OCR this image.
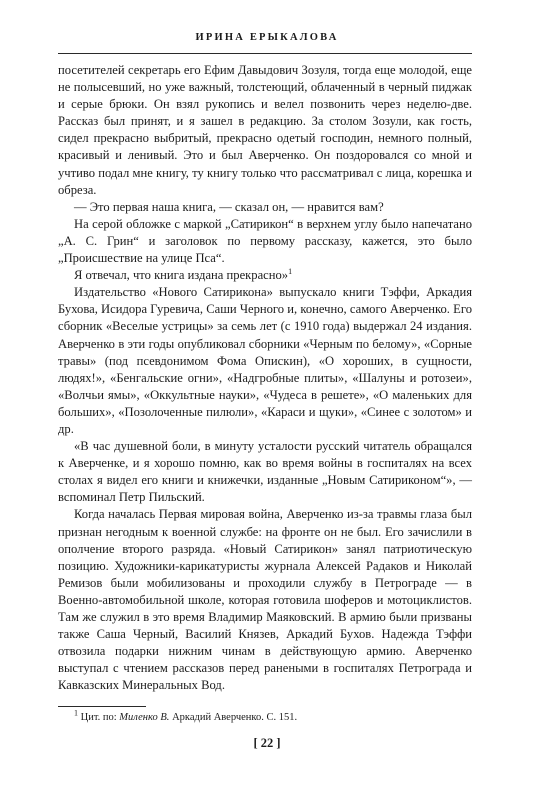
ИРИНА ЕРЫКАЛОВА

посетителей секретарь его Ефим Давыдович Зозуля, тогда еще молодой, еще не полысевший, но уже важный, толстеющий, облаченный в черный пиджак и серые брюки. Он взял рукопись и велел позвонить через неделю-две. Рассказ был принят, и я зашел в редакцию. За столом Зозули, как гость, сидел прекрасно выбритый, прекрасно одетый господин, немного полный, красивый и ленивый. Это и был Аверченко. Он поздоровался со мной и учтиво подал мне книгу, ту книгу только что рассматривал с лица, корешка и обреза.

— Это первая наша книга, — сказал он, — нравится вам?

На серой обложке с маркой „Сатирикон“ в верхнем углу было напечатано „А. С. Грин“ и заголовок по первому рассказу, кажется, это было „Происшествие на улице Пса“.

Я отвечал, что книга издана прекрасно»$^1$

Издательство «Нового Сатирикона» выпускало книги Тэффи, Аркадия Бухова, Исидора Гуревича, Саши Черного и, конечно, самого Аверченко. Его сборник «Веселые устрицы» за семь лет (с 1910 года) выдержал 24 издания. Аверченко в эти годы опубликовал сборники «Черным по белому», «Сорные травы» (под псевдонимом Фома Опискин), «О хороших, в сущности, людях!», «Бенгальские огни», «Надгробные плиты», «Шалуны и ротозеи», «Волчьи ямы», «Оккультные науки», «Чудеса в решете», «О маленьких для больших», «Позолоченные пилюли», «Караси и щуки», «Синее с золотом» и др.

«В час душевной боли, в минуту усталости русский читатель обращался к Аверченке, и я хорошо помню, как во время войны в госпиталях на всех столах я видел его книги и книжечки, изданные „Новым Сатириконом“», — вспоминал Петр Пильский.

Когда началась Первая мировая война, Аверченко из-за травмы глаза был признан негодным к военной службе: на фронте он не был. Его зачислили в ополчение второго разряда. «Новый Сатирикон» занял патриотическую позицию. Художники-карикатуристы журнала Алексей Радаков и Николай Ремизов были мобилизованы и проходили службу в Петрограде — в Военно-автомобильной школе, которая готовила шоферов и мотоциклистов. Там же служил в это время Владимир Маяковский. В армию были призваны также Саша Черный, Василий Князев, Аркадий Бухов. Надежда Тэффи отвозила подарки нижним чинам в действующую армию. Аверченко выступал с чтением рассказов перед ранеными в госпиталях Петрограда и Кавказских Минеральных Вод.

$^1$ Цит. по: Миленко В. Аркадий Аверченко. С. 151.
[ 22 ]
